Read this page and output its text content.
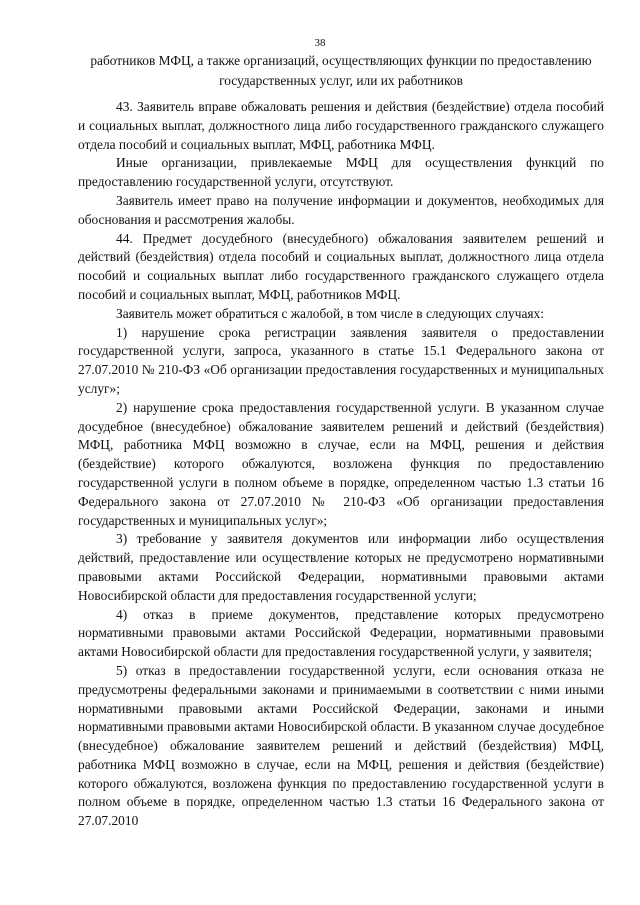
38
работников МФЦ, а также организаций, осуществляющих функции по предоставлению государственных услуг, или их работников

43. Заявитель вправе обжаловать решения и действия (бездействие) отдела пособий и социальных выплат, должностного лица либо государственного гражданского служащего отдела пособий и социальных выплат, МФЦ, работника МФЦ.

Иные организации, привлекаемые МФЦ для осуществления функций по предоставлению государственной услуги, отсутствуют.

Заявитель имеет право на получение информации и документов, необходимых для обоснования и рассмотрения жалобы.

44. Предмет досудебного (внесудебного) обжалования заявителем решений и действий (бездействия) отдела пособий и социальных выплат, должностного лица отдела пособий и социальных выплат либо государственного гражданского служащего отдела пособий и социальных выплат, МФЦ, работников МФЦ.

Заявитель может обратиться с жалобой, в том числе в следующих случаях:

1) нарушение срока регистрации заявления заявителя о предоставлении государственной услуги, запроса, указанного в статье 15.1 Федерального закона от 27.07.2010 № 210-ФЗ «Об организации предоставления государственных и муниципальных услуг»;

2) нарушение срока предоставления государственной услуги. В указанном случае досудебное (внесудебное) обжалование заявителем решений и действий (бездействия) МФЦ, работника МФЦ возможно в случае, если на МФЦ, решения и действия (бездействие) которого обжалуются, возложена функция по предоставлению государственной услуги в полном объеме в порядке, определенном частью 1.3 статьи 16 Федерального закона от 27.07.2010 № 210-ФЗ «Об организации предоставления государственных и муниципальных услуг»;

3) требование у заявителя документов или информации либо осуществления действий, предоставление или осуществление которых не предусмотрено нормативными правовыми актами Российской Федерации, нормативными правовыми актами Новосибирской области для предоставления государственной услуги;

4) отказ в приеме документов, представление которых предусмотрено нормативными правовыми актами Российской Федерации, нормативными правовыми актами Новосибирской области для предоставления государственной услуги, у заявителя;

5) отказ в предоставлении государственной услуги, если основания отказа не предусмотрены федеральными законами и принимаемыми в соответствии с ними иными нормативными правовыми актами Российской Федерации, законами и иными нормативными правовыми актами Новосибирской области. В указанном случае досудебное (внесудебное) обжалование заявителем решений и действий (бездействия) МФЦ, работника МФЦ возможно в случае, если на МФЦ, решения и действия (бездействие) которого обжалуются, возложена функция по предоставлению государственной услуги в полном объеме в порядке, определенном частью 1.3 статьи 16 Федерального закона от 27.07.2010
